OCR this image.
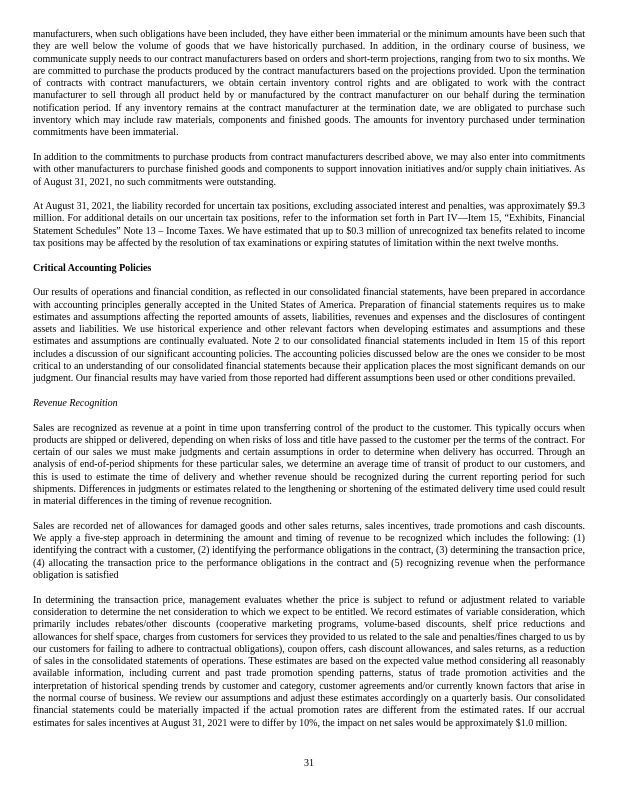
manufacturers, when such obligations have been included, they have either been immaterial or the minimum amounts have been such that they are well below the volume of goods that we have historically purchased. In addition, in the ordinary course of business, we communicate supply needs to our contract manufacturers based on orders and short-term projections, ranging from two to six months. We are committed to purchase the products produced by the contract manufacturers based on the projections provided. Upon the termination of contracts with contract manufacturers, we obtain certain inventory control rights and are obligated to work with the contract manufacturer to sell through all product held by or manufactured by the contract manufacturer on our behalf during the termination notification period. If any inventory remains at the contract manufacturer at the termination date, we are obligated to purchase such inventory which may include raw materials, components and finished goods. The amounts for inventory purchased under termination commitments have been immaterial.

In addition to the commitments to purchase products from contract manufacturers described above, we may also enter into commitments with other manufacturers to purchase finished goods and components to support innovation initiatives and/or supply chain initiatives. As of August 31, 2021, no such commitments were outstanding.

At August 31, 2021, the liability recorded for uncertain tax positions, excluding associated interest and penalties, was approximately $9.3 million. For additional details on our uncertain tax positions, refer to the information set forth in Part IV—Item 15, “Exhibits, Financial Statement Schedules” Note 13 – Income Taxes. We have estimated that up to $0.3 million of unrecognized tax benefits related to income tax positions may be affected by the resolution of tax examinations or expiring statutes of limitation within the next twelve months.

Critical Accounting Policies

Our results of operations and financial condition, as reflected in our consolidated financial statements, have been prepared in accordance with accounting principles generally accepted in the United States of America. Preparation of financial statements requires us to make estimates and assumptions affecting the reported amounts of assets, liabilities, revenues and expenses and the disclosures of contingent assets and liabilities. We use historical experience and other relevant factors when developing estimates and assumptions and these estimates and assumptions are continually evaluated. Note 2 to our consolidated financial statements included in Item 15 of this report includes a discussion of our significant accounting policies. The accounting policies discussed below are the ones we consider to be most critical to an understanding of our consolidated financial statements because their application places the most significant demands on our judgment. Our financial results may have varied from those reported had different assumptions been used or other conditions prevailed.

Revenue Recognition

Sales are recognized as revenue at a point in time upon transferring control of the product to the customer. This typically occurs when products are shipped or delivered, depending on when risks of loss and title have passed to the customer per the terms of the contract. For certain of our sales we must make judgments and certain assumptions in order to determine when delivery has occurred. Through an analysis of end-of-period shipments for these particular sales, we determine an average time of transit of product to our customers, and this is used to estimate the time of delivery and whether revenue should be recognized during the current reporting period for such shipments. Differences in judgments or estimates related to the lengthening or shortening of the estimated delivery time used could result in material differences in the timing of revenue recognition.

Sales are recorded net of allowances for damaged goods and other sales returns, sales incentives, trade promotions and cash discounts. We apply a five-step approach in determining the amount and timing of revenue to be recognized which includes the following: (1) identifying the contract with a customer, (2) identifying the performance obligations in the contract, (3) determining the transaction price, (4) allocating the transaction price to the performance obligations in the contract and (5) recognizing revenue when the performance obligation is satisfied

In determining the transaction price, management evaluates whether the price is subject to refund or adjustment related to variable consideration to determine the net consideration to which we expect to be entitled. We record estimates of variable consideration, which primarily includes rebates/other discounts (cooperative marketing programs, volume-based discounts, shelf price reductions and allowances for shelf space, charges from customers for services they provided to us related to the sale and penalties/fines charged to us by our customers for failing to adhere to contractual obligations), coupon offers, cash discount allowances, and sales returns, as a reduction of sales in the consolidated statements of operations. These estimates are based on the expected value method considering all reasonably available information, including current and past trade promotion spending patterns, status of trade promotion activities and the interpretation of historical spending trends by customer and category, customer agreements and/or currently known factors that arise in the normal course of business. We review our assumptions and adjust these estimates accordingly on a quarterly basis. Our consolidated financial statements could be materially impacted if the actual promotion rates are different from the estimated rates. If our accrual estimates for sales incentives at August 31, 2021 were to differ by 10%, the impact on net sales would be approximately $1.0 million.

31
